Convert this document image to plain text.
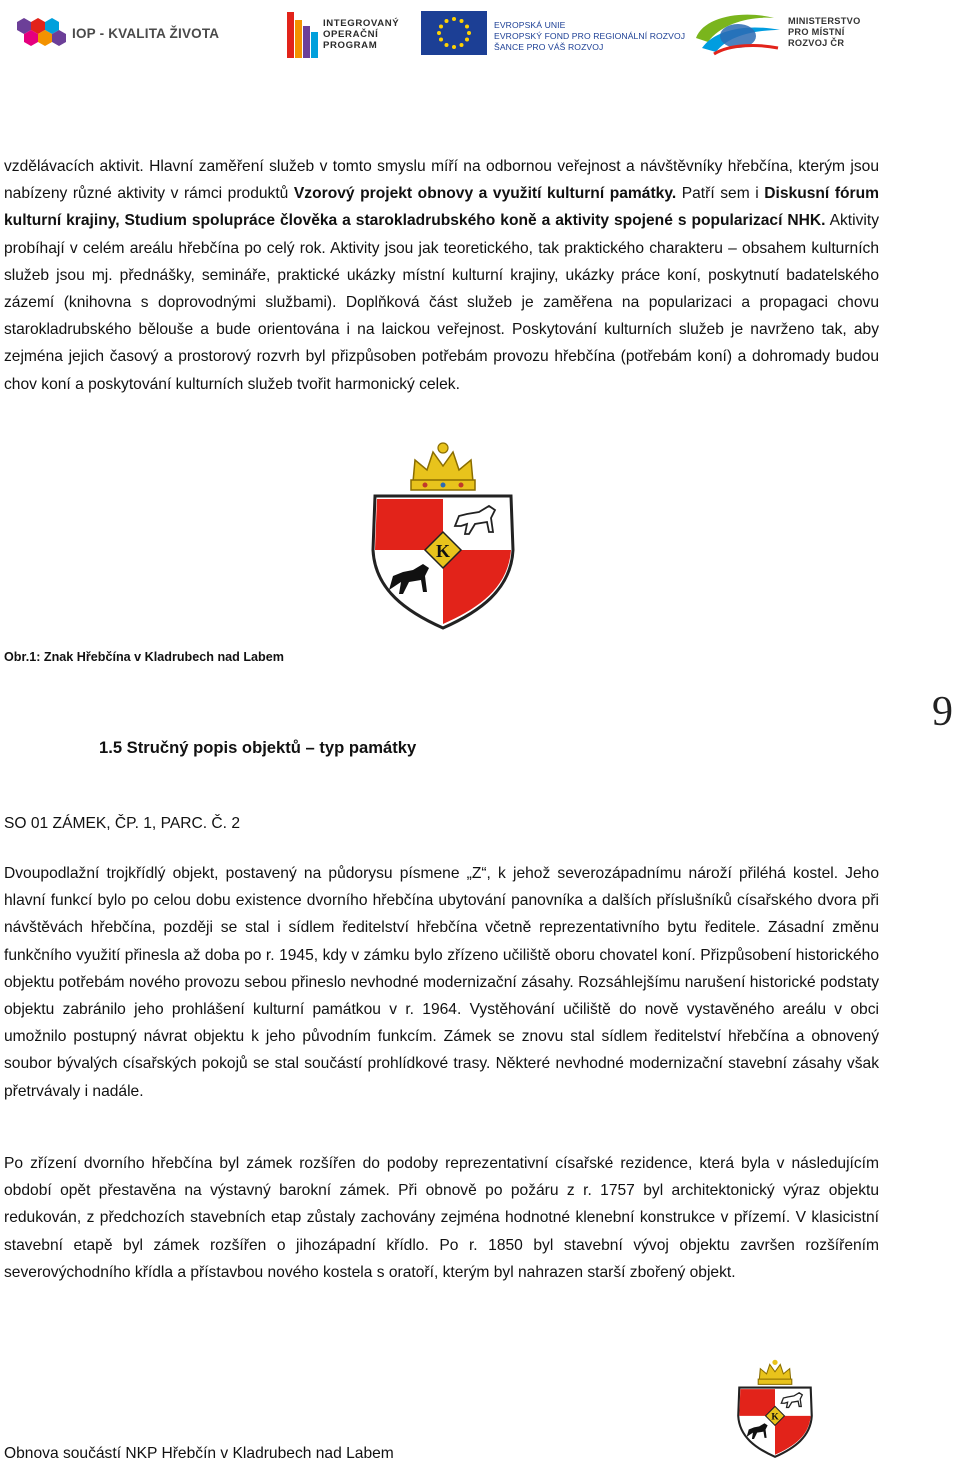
IOP - KVALITA ŽIVOTA
INTEGROVANÝ
OPERAČNÍ
PROGRAM
EVROPSKÁ UNIE
EVROPSKÝ FOND PRO REGIONÁLNÍ ROZVOJ
ŠANCE PRO VÁŠ ROZVOJ
MINISTERSTVO
PRO MÍSTNÍ
ROZVOJ ČR

vzdělávacích aktivit. Hlavní zaměření služeb v tomto smyslu míří na odbornou veřejnost a návštěvníky hřebčína, kterým jsou nabízeny různé aktivity v rámci produktů Vzorový projekt obnovy a využití kulturní památky. Patří sem i Diskusní fórum kulturní krajiny, Studium spolupráce člověka a starokladrubského koně a aktivity spojené s popularizací NHK. Aktivity probíhají v celém areálu hřebčína po celý rok. Aktivity jsou jak teoretického, tak praktického charakteru – obsahem kulturních služeb jsou mj. přednášky, semináře, praktické ukázky místní kulturní krajiny, ukázky práce koní, poskytnutí badatelského zázemí (knihovna s doprovodnými službami). Doplňková část služeb je zaměřena na popularizaci a propagaci chovu starokladrubského bělouše a bude orientována i na laickou veřejnost. Poskytování kulturních služeb je navrženo tak, aby zejména jejich časový a prostorový rozvrh byl přizpůsoben potřebám provozu hřebčína (potřebám koní) a dohromady budou chov koní a poskytování kulturních služeb tvořit harmonický celek.

K
Obr.1: Znak Hřebčína v Kladrubech nad Labem
9
1.5 Stručný popis objektů – typ památky
SO 01 ZÁMEK, ČP. 1, PARC. Č. 2

Dvoupodlažní trojkřídlý objekt, postavený na půdorysu písmene „Z“, k jehož severozápadnímu nároží přiléhá kostel. Jeho hlavní funkcí bylo po celou dobu existence dvorního hřebčína ubytování panovníka a dalších příslušníků císařského dvora při návštěvách hřebčína, později se stal i sídlem ředitelství hřebčína včetně reprezentativního bytu ředitele. Zásadní změnu funkčního využití přinesla až doba po r. 1945, kdy v zámku bylo zřízeno učiliště oboru chovatel koní. Přizpůsobení historického objektu potřebám nového provozu sebou přineslo nevhodné modernizační zásahy. Rozsáhlejšímu narušení historické podstaty objektu zabránilo jeho prohlášení kulturní památkou v r. 1964. Vystěhování učiliště do nově vystavěného areálu v obci umožnilo postupný návrat objektu k jeho původním funkcím. Zámek se znovu stal sídlem ředitelství hřebčína a obnovený soubor bývalých císařských pokojů se stal součástí prohlídkové trasy. Některé nevhodné modernizační stavební zásahy však přetrvávaly i nadále.

Po zřízení dvorního hřebčína byl zámek rozšířen do podoby reprezentativní císařské rezidence, která byla v následujícím období opět přestavěna na výstavný barokní zámek. Při obnově po požáru z r. 1757 byl architektonický výraz objektu redukován, z předchozích stavebních etap zůstaly zachovány zejména hodnotné klenební konstrukce v přízemí. V klasicistní stavební etapě byl zámek rozšířen o jihozápadní křídlo. Po r. 1850 byl stavební vývoj objektu završen rozšířením severovýchodního křídla a přístavbou nového kostela s oratoří, kterým byl nahrazen starší zbořený objekt.

K
Obnova součástí NKP Hřebčín v Kladrubech nad Labem
